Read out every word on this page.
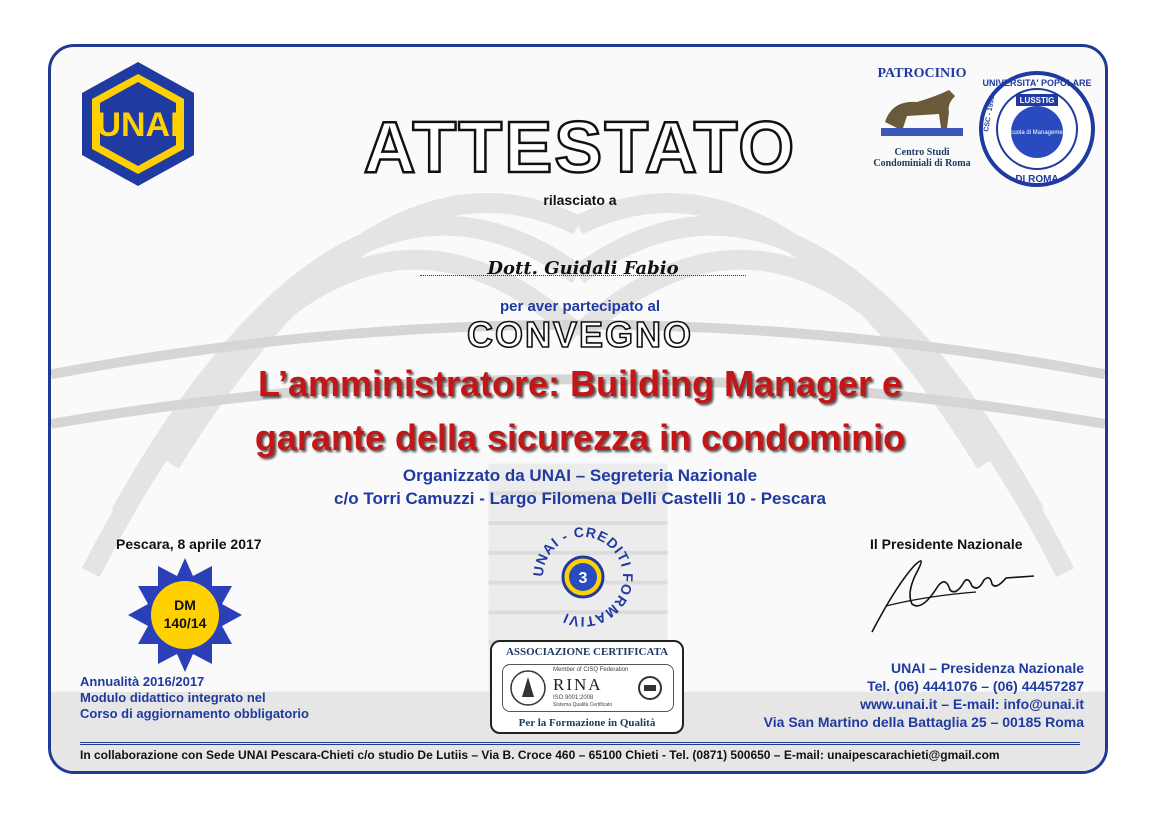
UNAI
PATROCINIO
Centro Studi
Condominiali di Roma
LUSSTIG
Scuola di Management
UNIVERSITA' POPOLARE
DI ROMA
CSC - 1993
ATTESTATO
rilasciato a
Dott. Guidali Fabio
per aver partecipato al
CONVEGNO
L’amministratore: Building Manager e
garante della sicurezza in condominio
Organizzato da UNAI – Segreteria Nazionale
c/o Torri Camuzzi - Largo Filomena Delli Castelli 10 - Pescara
Pescara, 8 aprile 2017
DM
140/14
Annualità 2016/2017
Modulo didattico integrato nel
Corso di aggiornamento obbligatorio
UNAI - CREDITI FORMATIVI
3
ASSOCIAZIONE CERTIFICATA
Member of CISQ Federation
RINA
ISO 9001:2008
Sistema Qualità Certificato
Per la Formazione in Qualità
Il Presidente Nazionale
UNAI – Presidenza Nazionale
Tel. (06) 4441076 – (06) 44457287
www.unai.it – E-mail: info@unai.it
Via San Martino della Battaglia 25 – 00185 Roma
In collaborazione con Sede UNAI Pescara-Chieti c/o studio De Lutiis – Via B. Croce 460 – 65100 Chieti - Tel. (0871) 500650 – E-mail: unaipescarachieti@gmail.com
